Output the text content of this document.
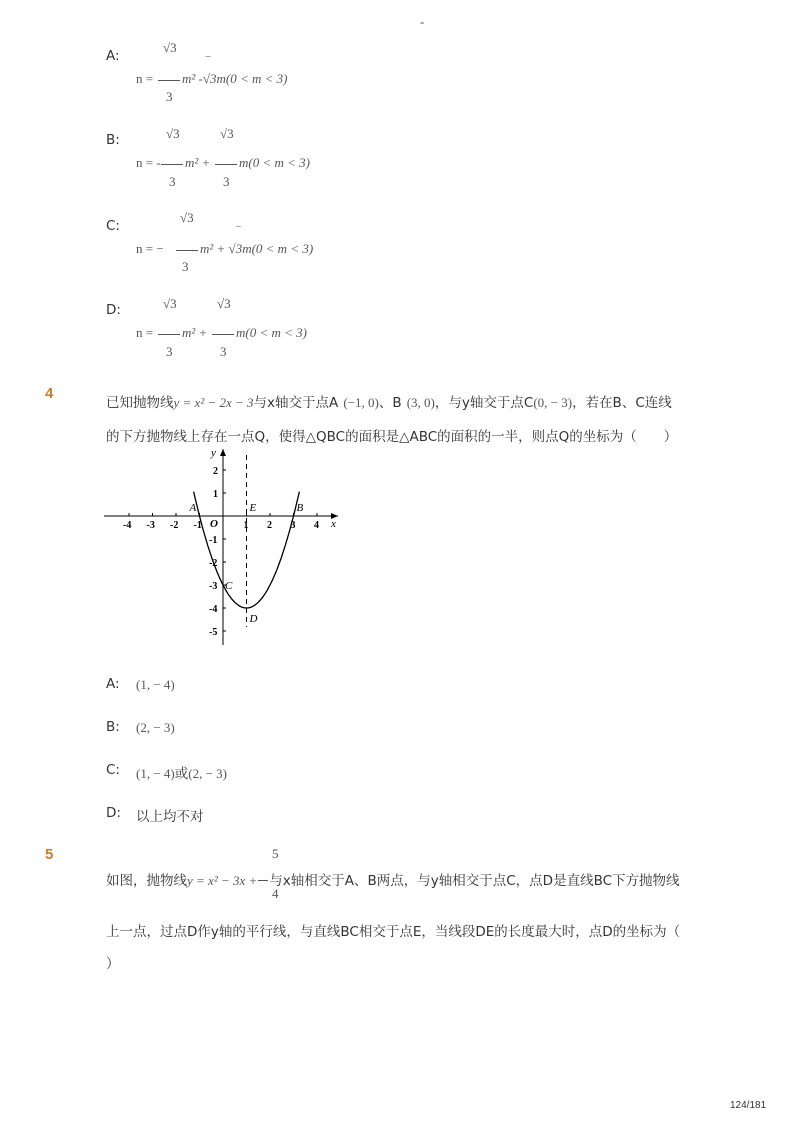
-
A:
√3
n =
‾
m² -√3m(0 < m < 3)
3
B:	√3	√3
n = - m² + m(0 < m < 3)
3	3
C:
√3
n = −
‾
m² + √3m(0 < m < 3)
3
D:	√3	√3
n = m² + m(0 < m < 3)
3	3
4
已知抛物线y = x² − 2x − 3与x轴交于点A (−1, 0)、B (3, 0)，与y轴交于点C(0, − 3)，若在B、C连线
的下方抛物线上存在一点Q，使得△QBC的面积是△ABC的面积的一半，则点Q的坐标为（　　）
x
y
O
-4 -3 -2 -1	1 2 3 4
2
1
-1
-2
-3
-4
-5
A	B
C
D
E
A: (1, − 4)
B: (2, − 3)
C: (1, − 4)或(2, − 3)
D: 以上均不对
5	5
如图，抛物线y = x² − 3x + 与x轴相交于A、B两点，与y轴相交于点C，点D是直线BC下方抛物线
4
上一点，过点D作y轴的平行线，与直线BC相交于点E，当线段DE的长度最大时，点D的坐标为（
）
124/181
